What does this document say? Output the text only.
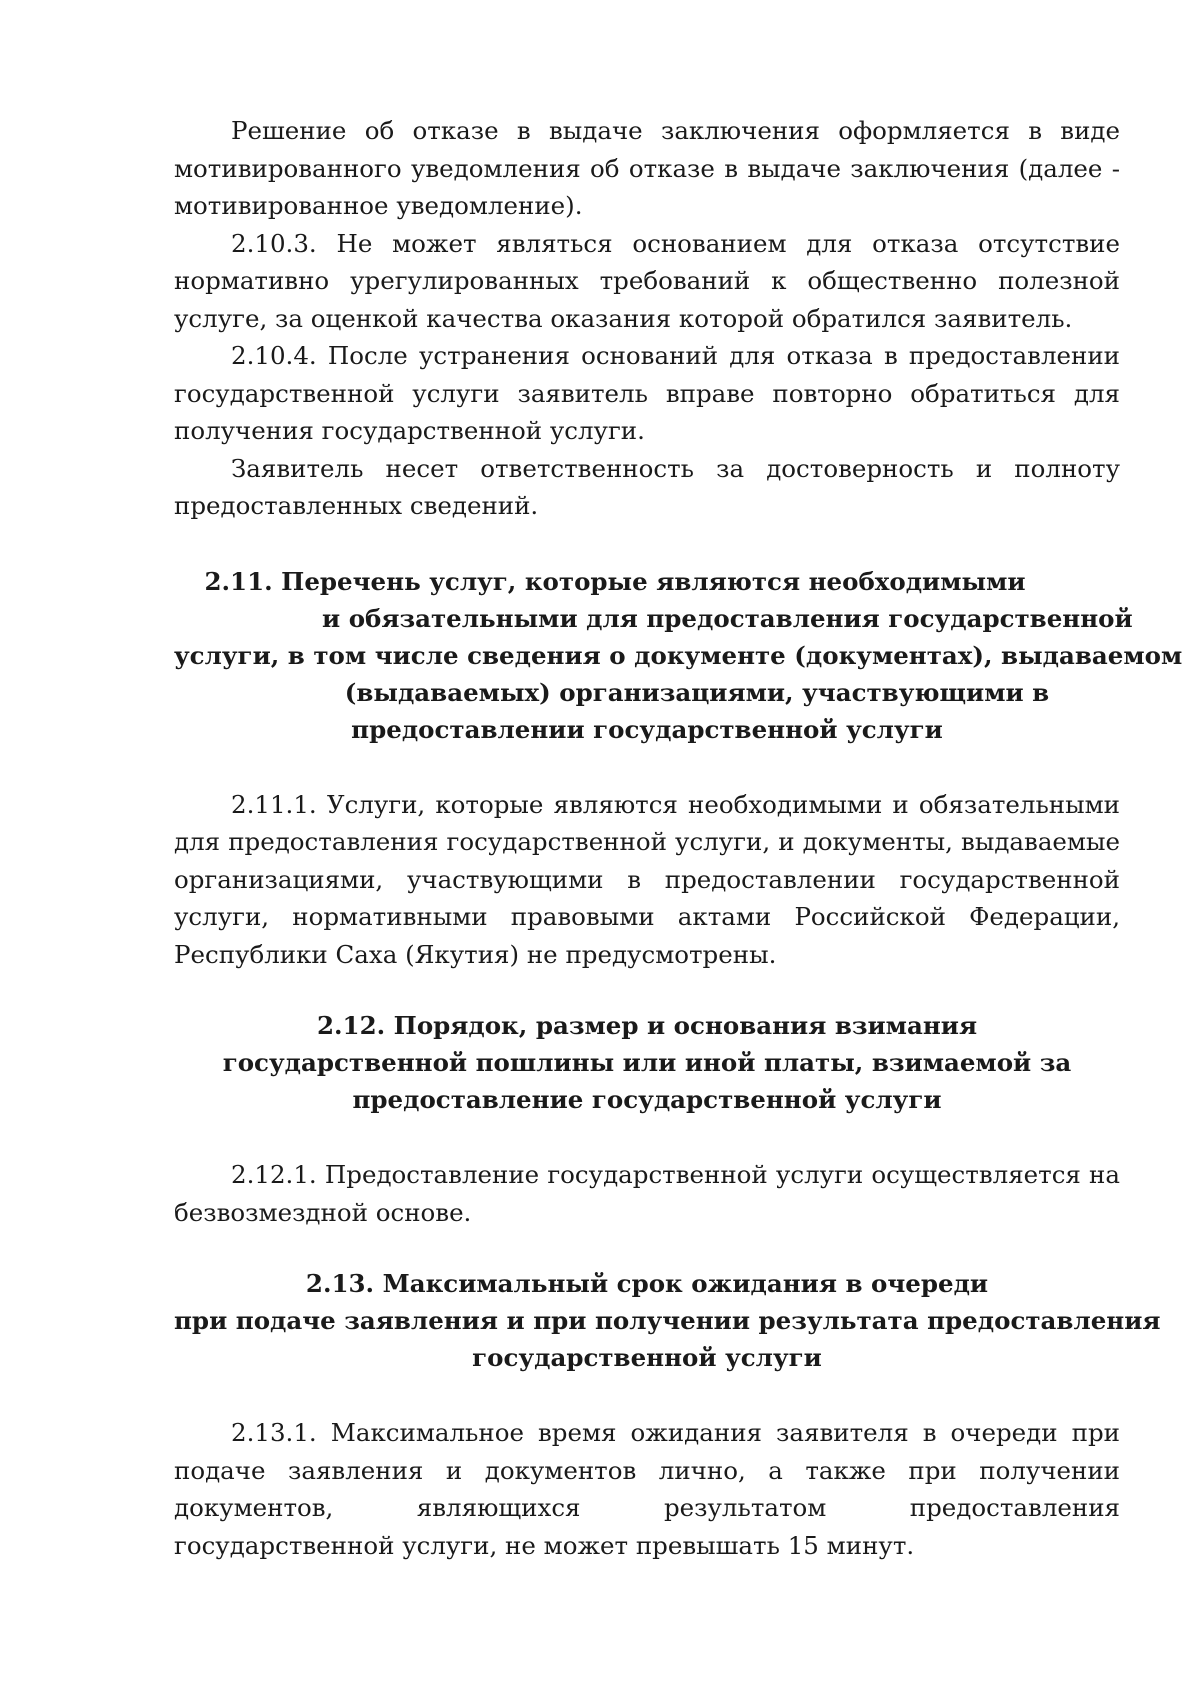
Решение об отказе в выдаче заключения оформляется в виде мотивированного уведомления об отказе в выдаче заключения (далее - мотивированное уведомление).

2.10.3. Не может являться основанием для отказа отсутствие нормативно урегулированных требований к общественно полезной услуге, за оценкой качества оказания которой обратился заявитель.

2.10.4. После устранения оснований для отказа в предоставлении государственной услуги заявитель вправе повторно обратиться для получения государственной услуги.

Заявитель несет ответственность за достоверность и полноту предоставленных сведений.

2.11. Перечень услуг, которые являются необходимыми
и обязательными для предоставления государственной
услуги, в том числе сведения о документе (документах), выдаваемом
(выдаваемых) организациями, участвующими в
предоставлении государственной услуги

2.11.1. Услуги, которые являются необходимыми и обязательными для предоставления государственной услуги, и документы, выдаваемые организациями, участвующими в предоставлении государственной услуги, нормативными правовыми актами Российской Федерации, Республики Саха (Якутия) не предусмотрены.

2.12. Порядок, размер и основания взимания
государственной пошлины или иной платы, взимаемой за
предоставление государственной услуги

2.12.1. Предоставление государственной услуги осуществляется на безвозмездной основе.

2.13. Максимальный срок ожидания в очереди
при подаче заявления и при получении результата предоставления
государственной услуги

2.13.1. Максимальное время ожидания заявителя в очереди при подаче заявления и документов лично, а также при получении документов, являющихся результатом предоставления государственной услуги, не может превышать 15 минут.
